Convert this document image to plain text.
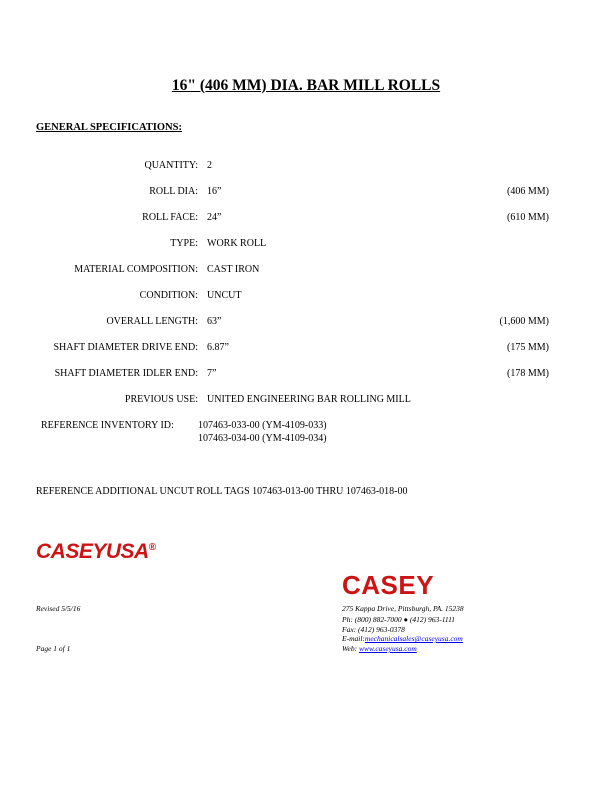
16" (406 MM) DIA. BAR MILL ROLLS
GENERAL SPECIFICATIONS:
QUANTITY: 2
ROLL DIA: 16”	(406 MM)
ROLL FACE: 24”	(610 MM)
TYPE: WORK ROLL
MATERIAL COMPOSITION: CAST IRON
CONDITION: UNCUT
OVERALL LENGTH: 63”	(1,600 MM)
SHAFT DIAMETER DRIVE END: 6.87”	(175 MM)
SHAFT DIAMETER IDLER END: 7”	(178 MM)
PREVIOUS USE: UNITED ENGINEERING BAR ROLLING MILL
REFERENCE INVENTORY ID: 107463-033-00 (YM-4109-033)
107463-034-00 (YM-4109-034)
REFERENCE ADDITIONAL UNCUT ROLL TAGS 107463-013-00 THRU 107463-018-00
CASEYUSA®
CASEY
Revised 5/5/16
Page 1 of 1
275 Kappa Drive, Pittsburgh, PA. 15238
Ph: (800) 882-7000 ● (412) 963-1111
Fax: (412) 963-0378
E-mail:mechanicalsales@caseyusa.com
Web: www.caseyusa.com
